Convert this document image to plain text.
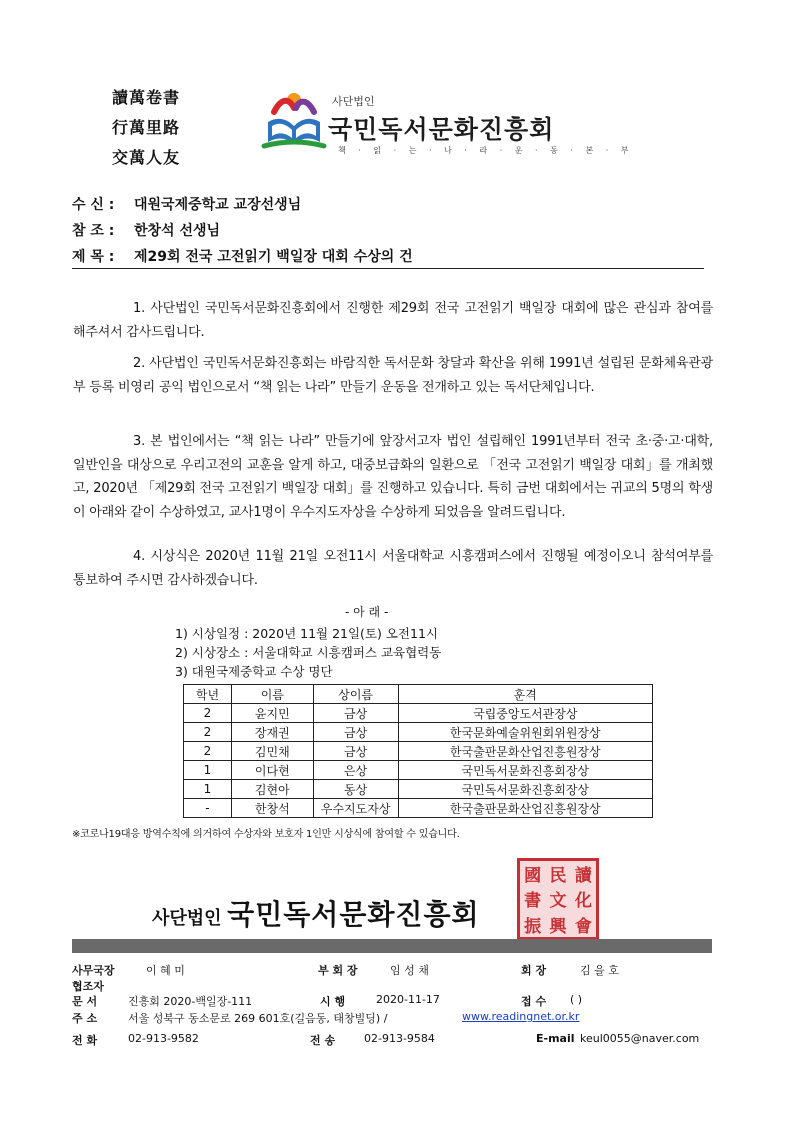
讀萬卷書
行萬里路
交萬人友
사단법인
국민독서문화진흥회
책 · 읽 · 는 · 나 · 라 · 운 · 동 · 본 · 부
수 신 : 대원국제중학교 교장선생님
참 조 : 한창석 선생님
제 목 : 제29회 전국 고전읽기 백일장 대회 수상의 건

1. 사단법인 국민독서문화진흥회에서 진행한 제29회 전국 고전읽기 백일장 대회에 많은 관심과 참여를 해주셔서 감사드립니다.

2. 사단법인 국민독서문화진흥회는 바람직한 독서문화 창달과 확산을 위해 1991년 설립된 문화체육관광부 등록 비영리 공익 법인으로서 “책 읽는 나라” 만들기 운동을 전개하고 있는 독서단체입니다.

3. 본 법인에서는 “책 읽는 나라” 만들기에 앞장서고자 법인 설립해인 1991년부터 전국 초·중·고·대학, 일반인을 대상으로 우리고전의 교훈을 알게 하고, 대중보급화의 일환으로 「전국 고전읽기 백일장 대회」를 개최했고, 2020년 「제29회 전국 고전읽기 백일장 대회」를 진행하고 있습니다. 특히 금번 대회에서는 귀교의 5명의 학생이 아래와 같이 수상하였고, 교사1명이 우수지도자상을 수상하게 되었음을 알려드립니다.

4. 시상식은 2020년 11월 21일 오전11시 서울대학교 시흥캠퍼스에서 진행될 예정이오니 참석여부를 통보하여 주시면 감사하겠습니다.

- 아 래 -
1) 시상일정 : 2020년 11월 21일(토) 오전11시
2) 시상장소 : 서울대학교 시흥캠퍼스 교육협력동
3) 대원국제중학교 수상 명단
학년	이름	상이름	훈격
2	윤지민	금상	국립중앙도서관장상
2	장재권	금상	한국문화예술위원회위원장상
2	김민채	금상	한국출판문화산업진흥원장상
1	이다현	은상	국민독서문화진흥회장상
1	김현아	동상	국민독서문화진흥회장상
-	한창석	우수지도자상	한국출판문화산업진흥원장상
※코로나19대응 방역수칙에 의거하여 수상자와 보호자 1인만 시상식에 참여할 수 있습니다.
사단법인 국민독서문화진흥회
國 民 讀
書 文 化
振 興 會
사무국장	이 혜 미	부 회 장	임 성 채	회 장	김 을 호
협조자
문 서	진흥회 2020-백일장-111	시 행	2020-11-17	접 수 ( )
주 소	서울 성북구 동소문로 269 601호(길음동, 태창빌딩) /	www.readingnet.or.kr
전 화	02-913-9582	전 송	02-913-9584	E-mail keul0055@naver.com
